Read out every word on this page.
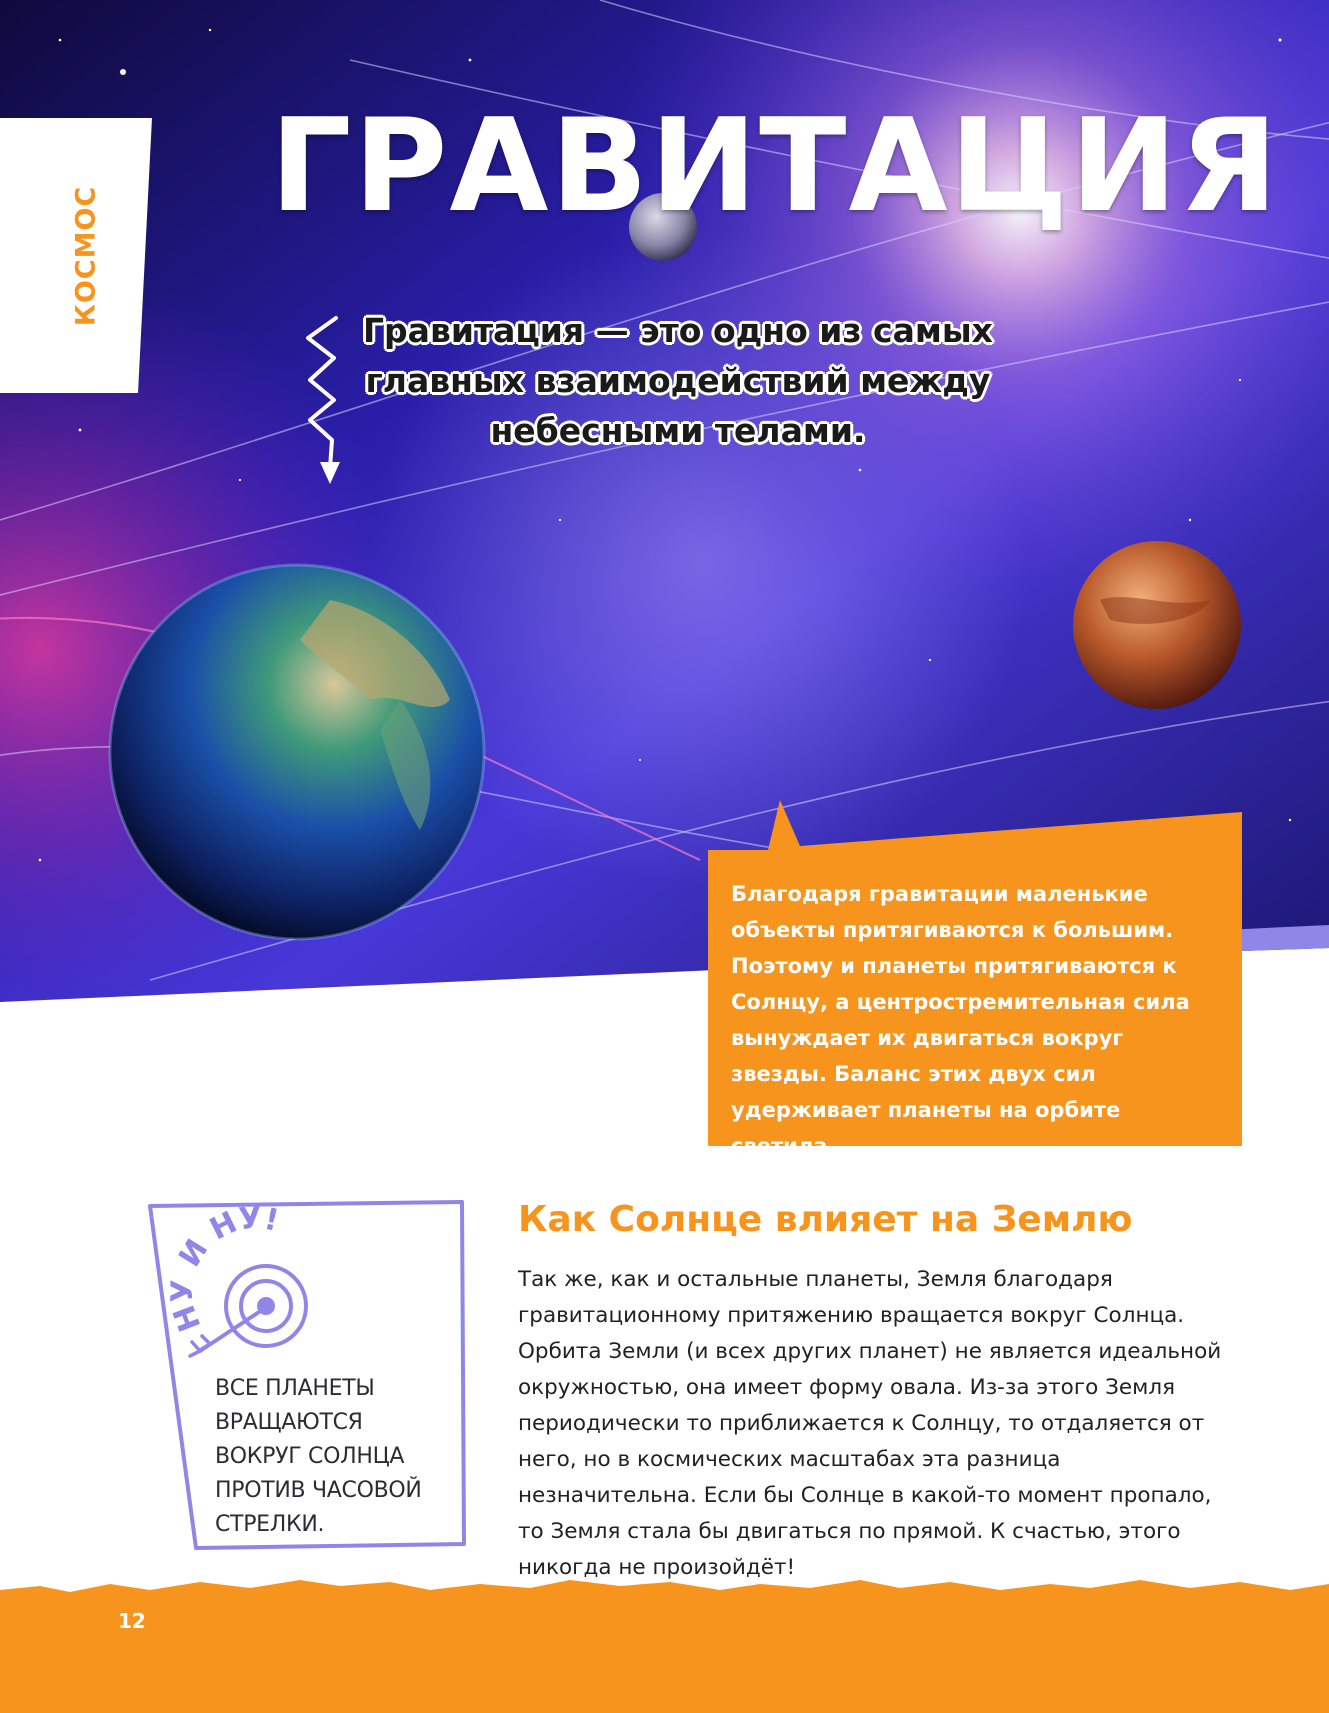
КОСМОС
ГРАВИТАЦИЯ
Гравитация — это одно из самых главных взаимодействий между небесными телами.
Благодаря гравитации маленькие объекты притягиваются к большим. Поэтому и планеты притягиваются к Солнцу, а центростремительная сила вынуждает их двигаться вокруг звезды. Баланс этих двух сил удерживает планеты на орбите светила.
НУ И НУ!
ВСЕ ПЛАНЕТЫ ВРАЩАЮТСЯ ВОКРУГ СОЛНЦА ПРОТИВ ЧАСОВОЙ СТРЕЛКИ.
Как Солнце влияет на Землю
Так же, как и остальные планеты, Земля благодаря гравитационному притяжению вращается вокруг Солнца. Орбита Земли (и всех других планет) не является идеальной окружностью, она имеет форму овала. Из-за этого Земля периодически то приближается к Солнцу, то отдаляется от него, но в космических масштабах эта разница незначительна. Если бы Солнце в какой-то момент пропало, то Земля стала бы двигаться по прямой. К счастью, этого никогда не произойдёт!
12
